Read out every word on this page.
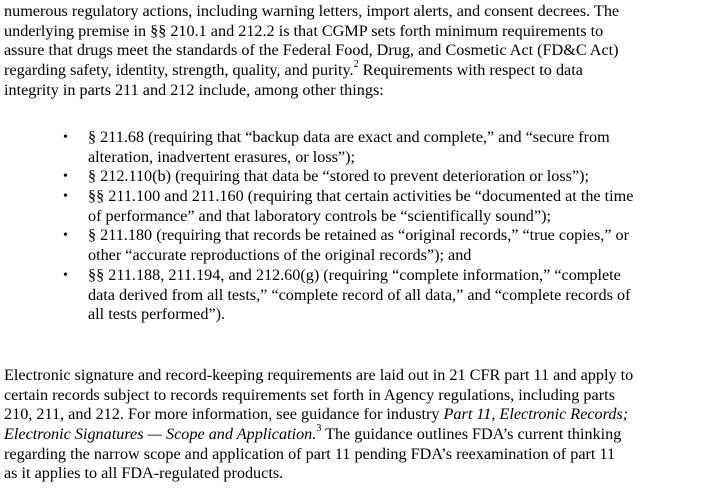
numerous regulatory actions, including warning letters, import alerts, and consent decrees. The
underlying premise in §§ 210.1 and 212.2 is that CGMP sets forth minimum requirements to
assure that drugs meet the standards of the Federal Food, Drug, and Cosmetic Act (FD&C Act)
regarding safety, identity, strength, quality, and purity.$^2$ Requirements with respect to data
integrity in parts 211 and 212 include, among other things:

• § 211.68 (requiring that “backup data are exact and complete,” and “secure from
alteration, inadvertent erasures, or loss”);
• § 212.110(b) (requiring that data be “stored to prevent deterioration or loss”);
• §§ 211.100 and 211.160 (requiring that certain activities be “documented at the time
of performance” and that laboratory controls be “scientifically sound”);
• § 211.180 (requiring that records be retained as “original records,” “true copies,” or
other “accurate reproductions of the original records”); and
• §§ 211.188, 211.194, and 212.60(g) (requiring “complete information,” “complete
data derived from all tests,” “complete record of all data,” and “complete records of
all tests performed”).

Electronic signature and record-keeping requirements are laid out in 21 CFR part 11 and apply to
certain records subject to records requirements set forth in Agency regulations, including parts
210, 211, and 212. For more information, see guidance for industry Part 11, Electronic Records;
Electronic Signatures — Scope and Application.$^3$ The guidance outlines FDA’s current thinking
regarding the narrow scope and application of part 11 pending FDA’s reexamination of part 11
as it applies to all FDA-regulated products.
